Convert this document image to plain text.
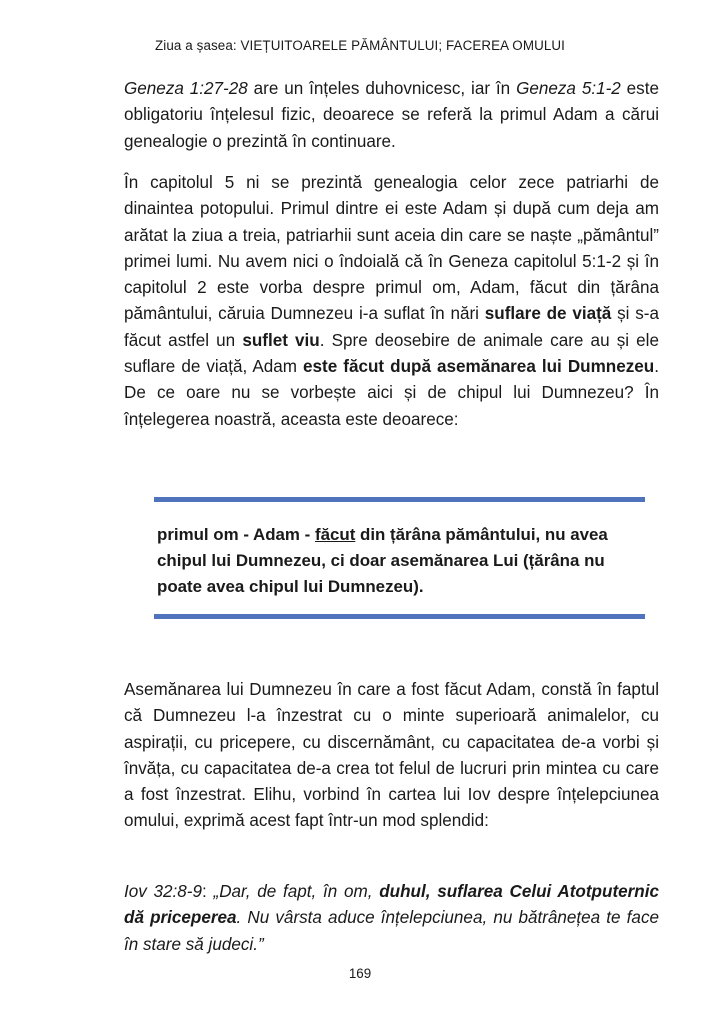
Ziua a șasea: VIEȚUITOARELE PĂMÂNTULUI; FACEREA OMULUI

Geneza 1:27-28 are un înțeles duhovnicesc, iar în Geneza 5:1-2 este obligatoriu înțelesul fizic, deoarece se referă la primul Adam a cărui genealogie o prezintă în continuare.

În capitolul 5 ni se prezintă genealogia celor zece patriarhi de dinaintea potopului. Primul dintre ei este Adam și după cum deja am arătat la ziua a treia, patriarhii sunt aceia din care se naște „pământul” primei lumi. Nu avem nici o îndoială că în Geneza capitolul 5:1-2 și în capitolul 2 este vorba despre primul om, Adam, făcut din țărâna pământului, căruia Dumnezeu i-a suflat în nări suflare de viață și s-a făcut astfel un suflet viu. Spre deosebire de animale care au și ele suflare de viață, Adam este făcut după asemănarea lui Dumnezeu. De ce oare nu se vorbește aici și de chipul lui Dumnezeu? În înțelegerea noastră, aceasta este deoarece:

primul om - Adam - făcut din țărâna pământului, nu avea chipul lui Dumnezeu, ci doar asemănarea Lui (țărâna nu poate avea chipul lui Dumnezeu).

Asemănarea lui Dumnezeu în care a fost făcut Adam, constă în faptul că Dumnezeu l-a înzestrat cu o minte superioară animalelor, cu aspirații, cu pricepere, cu discernământ, cu capacitatea de-a vorbi și învăța, cu capacitatea de-a crea tot felul de lucruri prin mintea cu care a fost înzestrat. Elihu, vorbind în cartea lui Iov despre înțelepciunea omului, exprimă acest fapt într-un mod splendid:

Iov 32:8-9: „Dar, de fapt, în om, duhul, suflarea Celui Atotputernic dă priceperea. Nu vârsta aduce înțelepciunea, nu bătrânețea te face în stare să judeci.”

169
